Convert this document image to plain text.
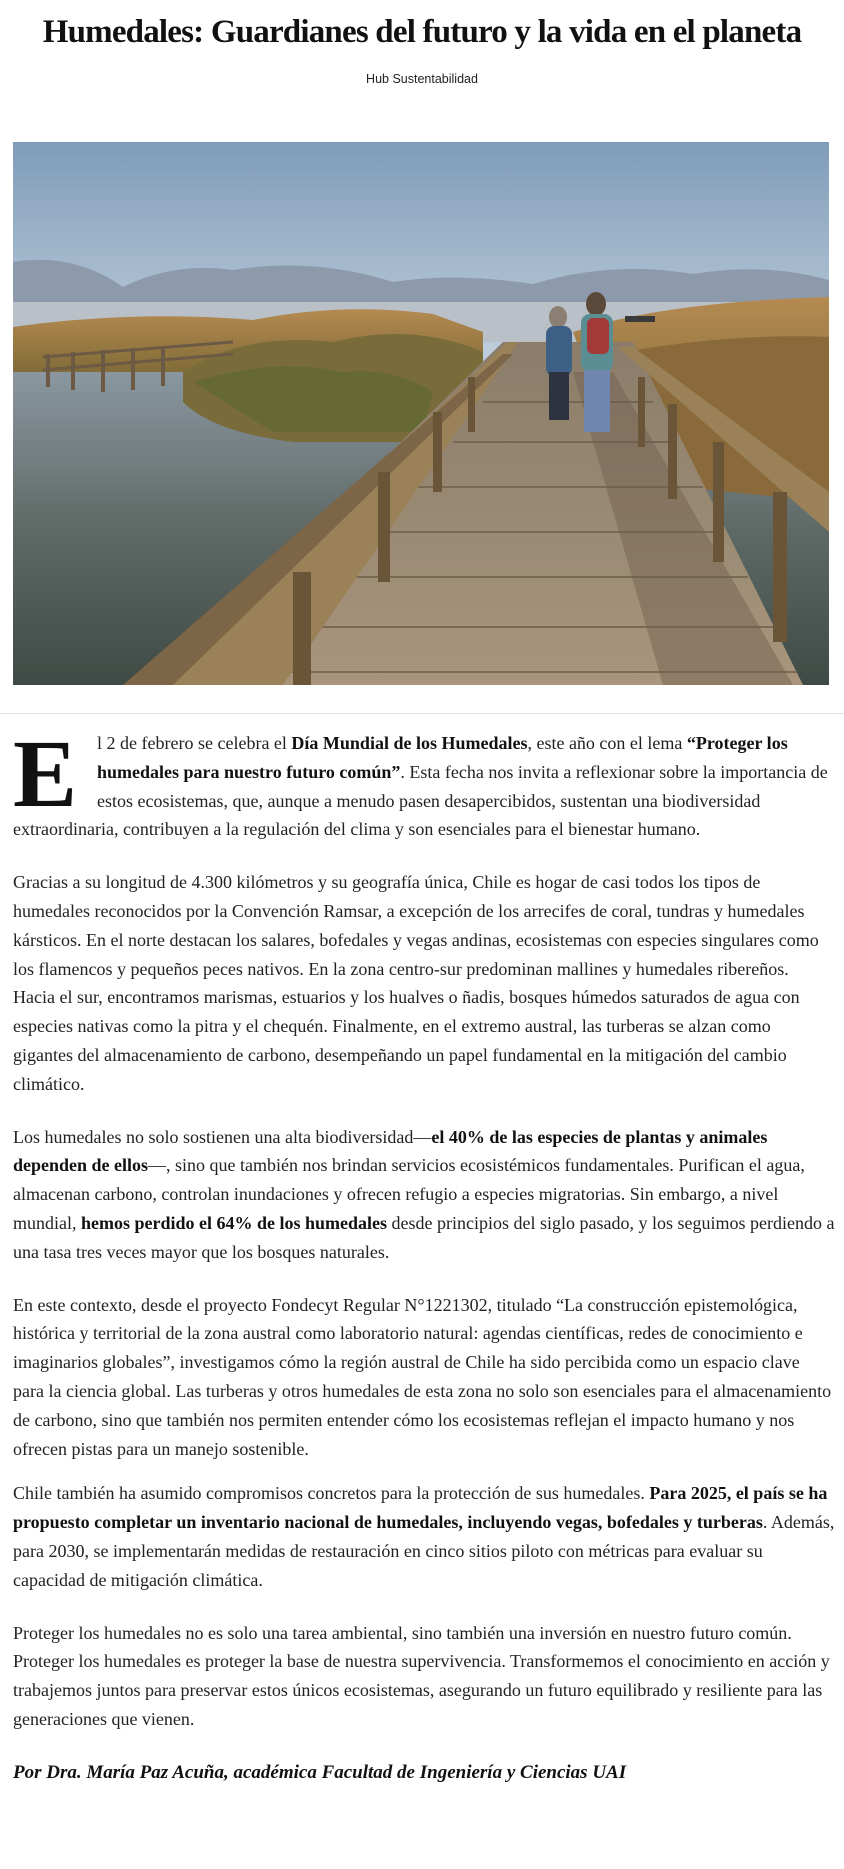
Humedales: Guardianes del futuro y la vida en el planeta
Hub Sustentabilidad

E	l 2 de febrero se celebra el Día Mundial de los Humedales, este año con el lema “Proteger los humedales para nuestro futuro común”. Esta fecha nos invita a reflexionar sobre la importancia de estos ecosistemas, que, aunque a menudo pasen desapercibidos, sustentan una biodiversidad extraordinaria, contribuyen a la regulación del clima y son esenciales para el bienestar humano.

Gracias a su longitud de 4.300 kilómetros y su geografía única, Chile es hogar de casi todos los tipos de humedales reconocidos por la Convención Ramsar, a excepción de los arrecifes de coral, tundras y humedales kársticos. En el norte destacan los salares, bofedales y vegas andinas, ecosistemas con especies singulares como los flamencos y pequeños peces nativos. En la zona centro-sur predominan mallines y humedales ribereños. Hacia el sur, encontramos marismas, estuarios y los hualves o ñadis, bosques húmedos saturados de agua con especies nativas como la pitra y el chequén. Finalmente, en el extremo austral, las turberas se alzan como gigantes del almacenamiento de carbono, desempeñando un papel fundamental en la mitigación del cambio climático.

Los humedales no solo sostienen una alta biodiversidad—el 40% de las especies de plantas y animales dependen de ellos—, sino que también nos brindan servicios ecosistémicos fundamentales. Purifican el agua, almacenan carbono, controlan inundaciones y ofrecen refugio a especies migratorias. Sin embargo, a nivel mundial, hemos perdido el 64% de los humedales desde principios del siglo pasado, y los seguimos perdiendo a una tasa tres veces mayor que los bosques naturales.

En este contexto, desde el proyecto Fondecyt Regular N°1221302, titulado “La construcción epistemológica, histórica y territorial de la zona austral como laboratorio natural: agendas científicas, redes de conocimiento e imaginarios globales”, investigamos cómo la región austral de Chile ha sido percibida como un espacio clave para la ciencia global. Las turberas y otros humedales de esta zona no solo son esenciales para el almacenamiento de carbono, sino que también nos permiten entender cómo los ecosistemas reflejan el impacto humano y nos ofrecen pistas para un manejo sostenible.

Chile también ha asumido compromisos concretos para la protección de sus humedales. Para 2025, el país se ha propuesto completar un inventario nacional de humedales, incluyendo vegas, bofedales y turberas. Además, para 2030, se implementarán medidas de restauración en cinco sitios piloto con métricas para evaluar su capacidad de mitigación climática.

Proteger los humedales no es solo una tarea ambiental, sino también una inversión en nuestro futuro común. Proteger los humedales es proteger la base de nuestra supervivencia. Transformemos el conocimiento en acción y trabajemos juntos para preservar estos únicos ecosistemas, asegurando un futuro equilibrado y resiliente para las generaciones que vienen.

Por Dra. María Paz Acuña, académica Facultad de Ingeniería y Ciencias UAI
